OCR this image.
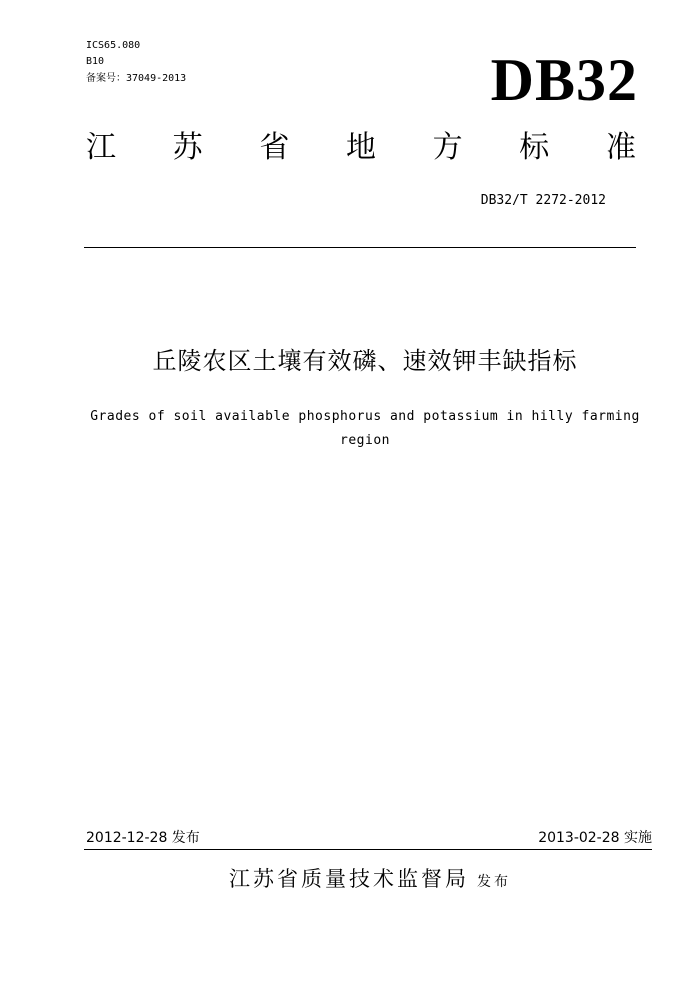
ICS65.080
B10
备案号：37049-2013	DB32
江 苏 省 地 方 标 准
DB32/T 2272-2012
丘陵农区土壤有效磷、速效钾丰缺指标
Grades of soil available phosphorus and potassium in hilly farming
region
2012-12-28 发布	2013-02-28 实施
江苏省质量技术监督局 发布
